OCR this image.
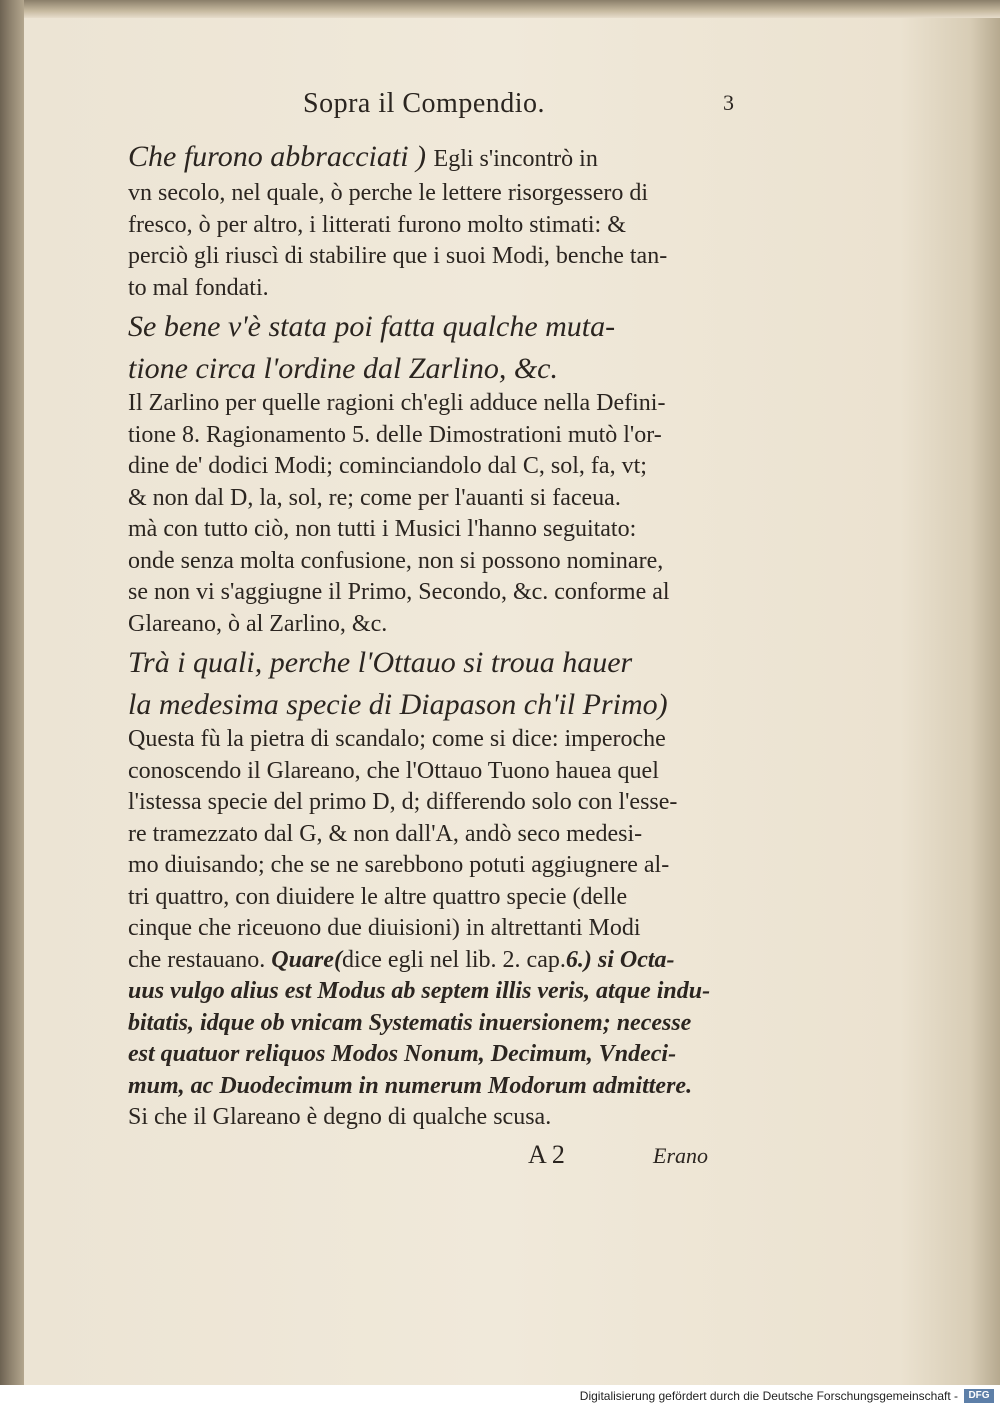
Sopra il Compendio.	3
Che furono abbracciati ) Egli s'incontrò in
vn secolo, nel quale, ò perche le lettere risorgessero di
fresco, ò per altro, i litterati furono molto stimati: &
perciò gli riuscì di stabilire que i suoi Modi, benche tan-
to mal fondati.
Se bene v'è stata poi fatta qualche muta-
tione circa l'ordine dal Zarlino, &c.
Il Zarlino per quelle ragioni ch'egli adduce nella Defini-
tione 8. Ragionamento 5. delle Dimostrationi mutò l'or-
dine de' dodici Modi; cominciandolo dal C, sol, fa, vt;
& non dal D, la, sol, re; come per l'auanti si faceua.
mà con tutto ciò, non tutti i Musici l'hanno seguitato:
onde senza molta confusione, non si possono nominare,
se non vi s'aggiugne il Primo, Secondo, &c. conforme al
Glareano, ò al Zarlino, &c.
Trà i quali, perche l'Ottauo si troua hauer
la medesima specie di Diapason ch'il Primo)
Questa fù la pietra di scandalo; come si dice: imperoche
conoscendo il Glareano, che l'Ottauo Tuono hauea quel
l'istessa specie del primo D, d; differendo solo con l'esse-
re tramezzato dal G, & non dall'A, andò seco medesi-
mo diuisando; che se ne sarebbono potuti aggiugnere al-
tri quattro, con diuidere le altre quattro specie (delle
cinque che riceuono due diuisioni) in altrettanti Modi
che restauano. Quare(dice egli nel lib. 2. cap.6.) si Octa-
uus vulgo alius est Modus ab septem illis veris, atque indu-
bitatis, idque ob vnicam Systematis inuersionem; necesse
est quatuor reliquos Modos Nonum, Decimum, Vndeci-
mum, ac Duodecimum in numerum Modorum admittere.
Si che il Glareano è degno di qualche scusa.
A 2	Erano
Digitalisierung gefördert durch die Deutsche Forschungsgemeinschaft -	DFG
